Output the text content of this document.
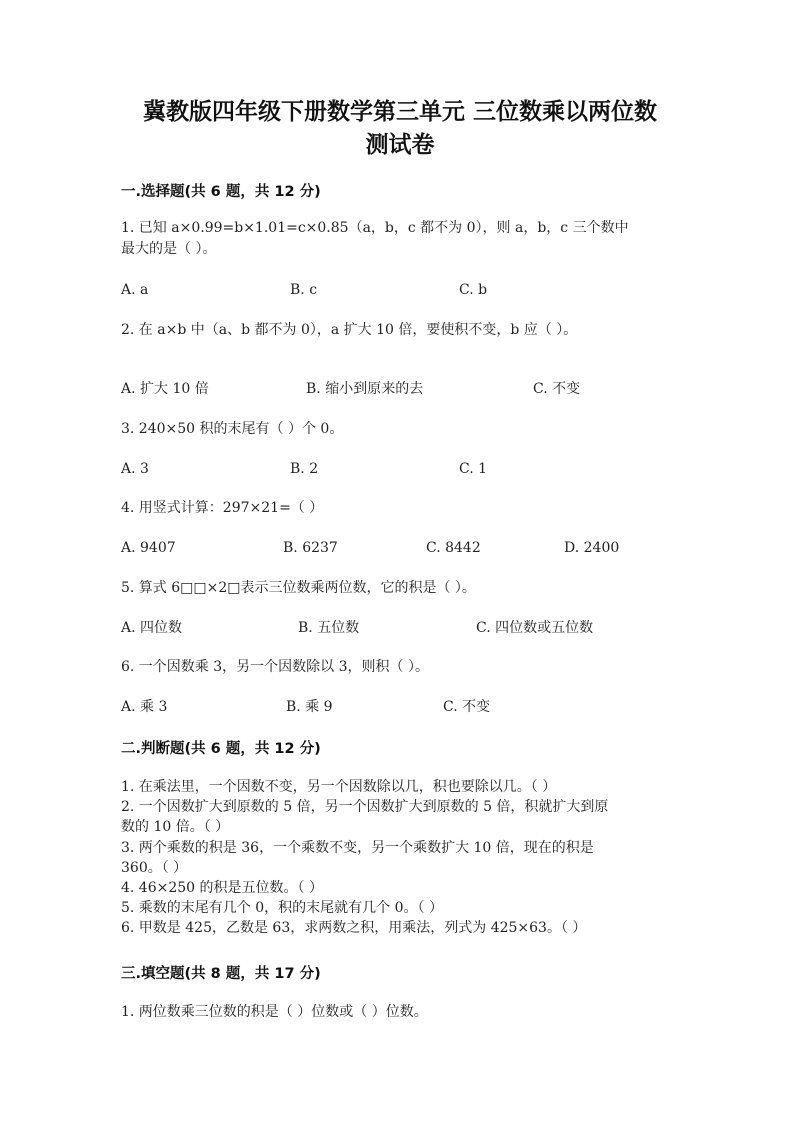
冀教版四年级下册数学第三单元 三位数乘以两位数
测试卷
一.选择题(共 6 题，共 12 分)
1. 已知 a×0.99=b×1.01=c×0.85（a，b，c 都不为 0），则 a，b，c 三个数中
最大的是（ ）。
A. a	B. c	C. b
2. 在 a×b 中（a、b 都不为 0），a 扩大 10 倍，要使积不变，b 应（ ）。
A. 扩大 10 倍	B. 缩小到原来的去	C. 不变
3. 240×50 积的末尾有（ ）个 0。
A. 3	B. 2	C. 1
4. 用竖式计算：297×21=（ ）
A. 9407	B. 6237	C. 8442	D. 2400
5. 算式 6□□×2□表示三位数乘两位数，它的积是（ ）。
A. 四位数	B. 五位数	C. 四位数或五位数
6. 一个因数乘 3，另一个因数除以 3，则积（ ）。
A. 乘 3	B. 乘 9	C. 不变
二.判断题(共 6 题，共 12 分)
1. 在乘法里，一个因数不变，另一个因数除以几，积也要除以几。（ ）
2. 一个因数扩大到原数的 5 倍，另一个因数扩大到原数的 5 倍，积就扩大到原
数的 10 倍。（ ）
3. 两个乘数的积是 36，一个乘数不变，另一个乘数扩大 10 倍，现在的积是
360。（ ）
4. 46×250 的积是五位数。（ ）
5. 乘数的末尾有几个 0，积的末尾就有几个 0。（ ）
6. 甲数是 425，乙数是 63，求两数之积，用乘法，列式为 425×63。（ ）
三.填空题(共 8 题，共 17 分)
1. 两位数乘三位数的积是（ ）位数或（ ）位数。
